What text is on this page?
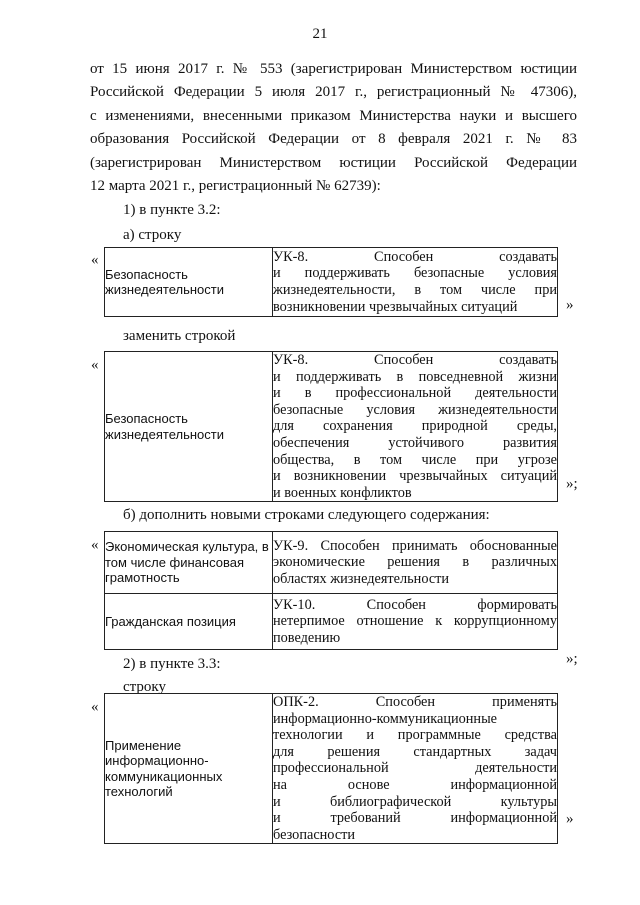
21
от 15 июня 2017 г. № 553 (зарегистрирован Министерством юстиции
Российской Федерации 5 июля 2017 г., регистрационный № 47306),
с изменениями, внесенными приказом Министерства науки и высшего
образования Российской Федерации от 8 февраля 2021 г. № 83
(зарегистрирован Министерством юстиции Российской Федерации
12 марта 2021 г., регистрационный № 62739):
1) в пункте 3.2:
а) строку
«
Безопасность жизнедеятельности	
УК-8. Способен создавать
и поддерживать безопасные условия
жизнедеятельности, в том числе при
возникновении чрезвычайных ситуаций	»
заменить строкой
«
Безопасность жизнедеятельности	
УК-8. Способен создавать
и поддерживать в повседневной жизни
и в профессиональной деятельности
безопасные условия жизнедеятельности
для сохранения природной среды,
обеспечения устойчивого развития
общества, в том числе при угрозе
и возникновении чрезвычайных ситуаций
и военных конфликтов
»;
б) дополнить новыми строками следующего содержания:
« Экономическая культура, в том числе финансовая грамотность	УК-9. Способен принимать обоснованные
экономические решения в различных
областях жизнедеятельности

Гражданская позиция	УК-10. Способен формировать
нетерпимое отношение к коррупционному
поведению
»;
2) в пункте 3.3:
строку
«
Применение информационно-коммуникационных технологий	
ОПК-2. Способен применять
информационно-коммуникационные
технологии и программные средства
для решения стандартных задач
профессиональной деятельности
на основе информационной
и библиографической культуры
и требований информационной
безопасности
»
